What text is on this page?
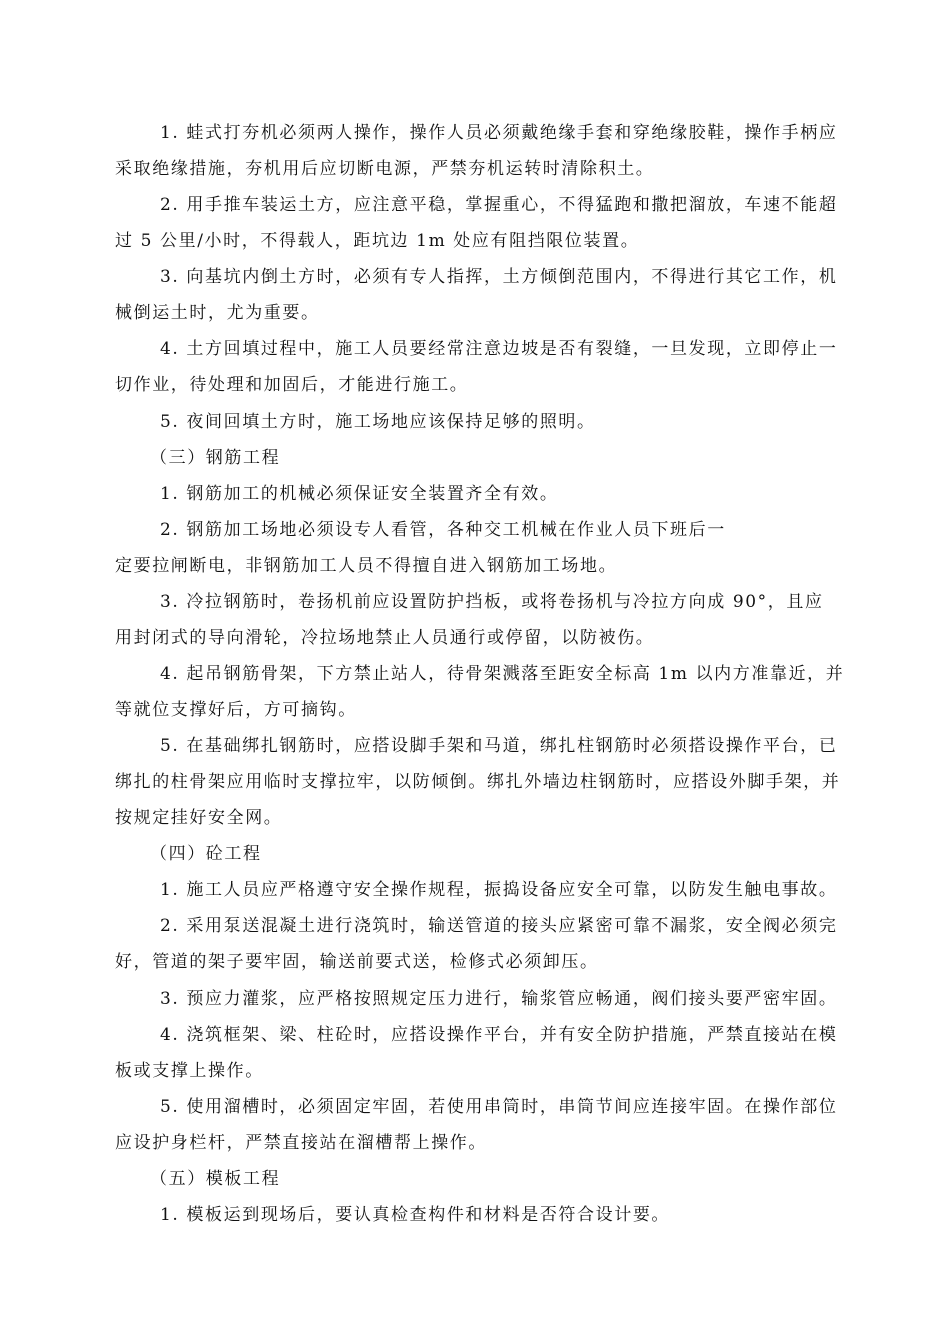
1. 蛙式打夯机必须两人操作，操作人员必须戴绝缘手套和穿绝缘胶鞋，操作手柄应
采取绝缘措施，夯机用后应切断电源，严禁夯机运转时清除积土。
2. 用手推车装运土方，应注意平稳，掌握重心，不得猛跑和撒把溜放，车速不能超
过 5 公里/小时，不得载人，距坑边 1m 处应有阻挡限位装置。
3. 向基坑内倒土方时，必须有专人指挥，土方倾倒范围内，不得进行其它工作，机
械倒运土时，尤为重要。
4. 土方回填过程中，施工人员要经常注意边坡是否有裂缝，一旦发现，立即停止一
切作业，待处理和加固后，才能进行施工。
5. 夜间回填土方时，施工场地应该保持足够的照明。
（三）钢筋工程
1. 钢筋加工的机械必须保证安全装置齐全有效。
2. 钢筋加工场地必须设专人看管，各种交工机械在作业人员下班后一
定要拉闸断电，非钢筋加工人员不得擅自进入钢筋加工场地。
3. 冷拉钢筋时，卷扬机前应设置防护挡板，或将卷扬机与冷拉方向成 90°，且应
用封闭式的导向滑轮，冷拉场地禁止人员通行或停留，以防被伤。
4. 起吊钢筋骨架，下方禁止站人，待骨架溅落至距安全标高 1m 以内方准靠近，并
等就位支撑好后，方可摘钩。
5. 在基础绑扎钢筋时，应搭设脚手架和马道，绑扎柱钢筋时必须搭设操作平台，已
绑扎的柱骨架应用临时支撑拉牢，以防倾倒。绑扎外墙边柱钢筋时，应搭设外脚手架，并
按规定挂好安全网。
（四）砼工程
1. 施工人员应严格遵守安全操作规程，振捣设备应安全可靠，以防发生触电事故。
2. 采用泵送混凝土进行浇筑时，输送管道的接头应紧密可靠不漏浆，安全阀必须完
好，管道的架子要牢固，输送前要式送，检修式必须卸压。
3. 预应力灌浆，应严格按照规定压力进行，输浆管应畅通，阀们接头要严密牢固。
4. 浇筑框架、梁、柱砼时，应搭设操作平台，并有安全防护措施，严禁直接站在模
板或支撑上操作。
5. 使用溜槽时，必须固定牢固，若使用串筒时，串筒节间应连接牢固。在操作部位
应设护身栏杆，严禁直接站在溜槽帮上操作。
（五）模板工程
1. 模板运到现场后，要认真检查构件和材料是否符合设计要。
